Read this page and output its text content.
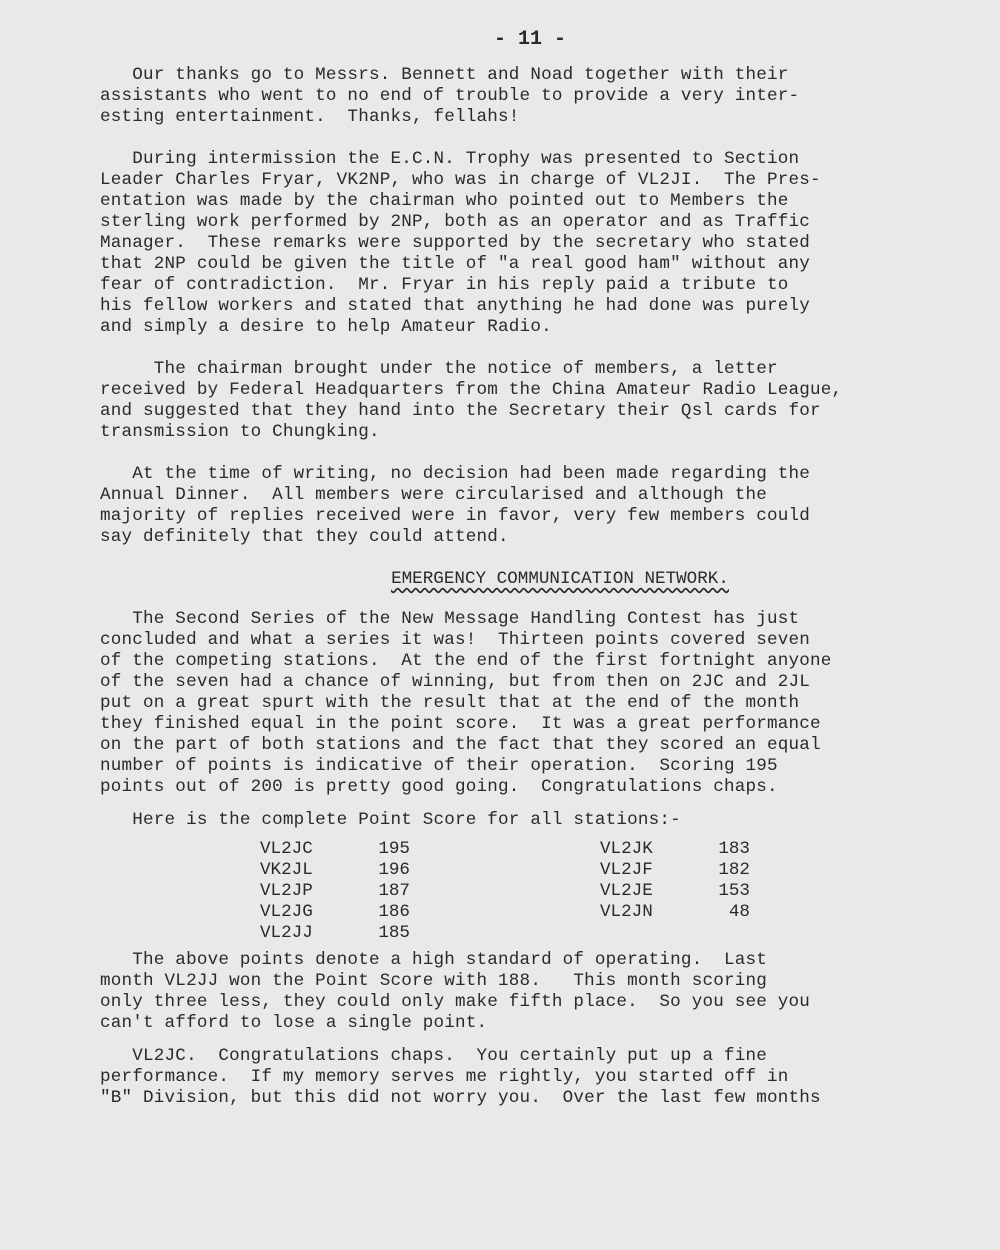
- 11 -

Our thanks go to Messrs. Bennett and Noad together with their
assistants who went to no end of trouble to provide a very inter-
esting entertainment.  Thanks, fellahs!

During intermission the E.C.N. Trophy was presented to Section
Leader Charles Fryar, VK2NP, who was in charge of VL2JI.  The Pres-
entation was made by the chairman who pointed out to Members the
sterling work performed by 2NP, both as an operator and as Traffic
Manager.  These remarks were supported by the secretary who stated
that 2NP could be given the title of "a real good ham" without any
fear of contradiction.  Mr. Fryar in his reply paid a tribute to
his fellow workers and stated that anything he had done was purely
and simply a desire to help Amateur Radio.

The chairman brought under the notice of members, a letter
received by Federal Headquarters from the China Amateur Radio League,
and suggested that they hand into the Secretary their Qsl cards for
transmission to Chungking.

At the time of writing, no decision had been made regarding the
Annual Dinner.  All members were circularised and although the
majority of replies received were in favor, very few members could
say definitely that they could attend.

EMERGENCY COMMUNICATION NETWORK.

The Second Series of the New Message Handling Contest has just
concluded and what a series it was!  Thirteen points covered seven
of the competing stations.  At the end of the first fortnight anyone
of the seven had a chance of winning, but from then on 2JC and 2JL
put on a great spurt with the result that at the end of the month
they finished equal in the point score.  It was a great performance
on the part of both stations and the fact that they scored an equal
number of points is indicative of their operation.  Scoring 195
points out of 200 is pretty good going.  Congratulations chaps.

Here is the complete Point Score for all stations:-

VL2JC	195
VK2JL	196
VL2JP	187
VL2JG	186
VL2JJ	185
VL2JK	183
VL2JF	182
VL2JE	153
VL2JN	48

The above points denote a high standard of operating.  Last
month VL2JJ won the Point Score with 188.   This month scoring
only three less, they could only make fifth place.  So you see you
can't afford to lose a single point.

VL2JC.  Congratulations chaps.  You certainly put up a fine
performance.  If my memory serves me rightly, you started off in
"B" Division, but this did not worry you.  Over the last few months
